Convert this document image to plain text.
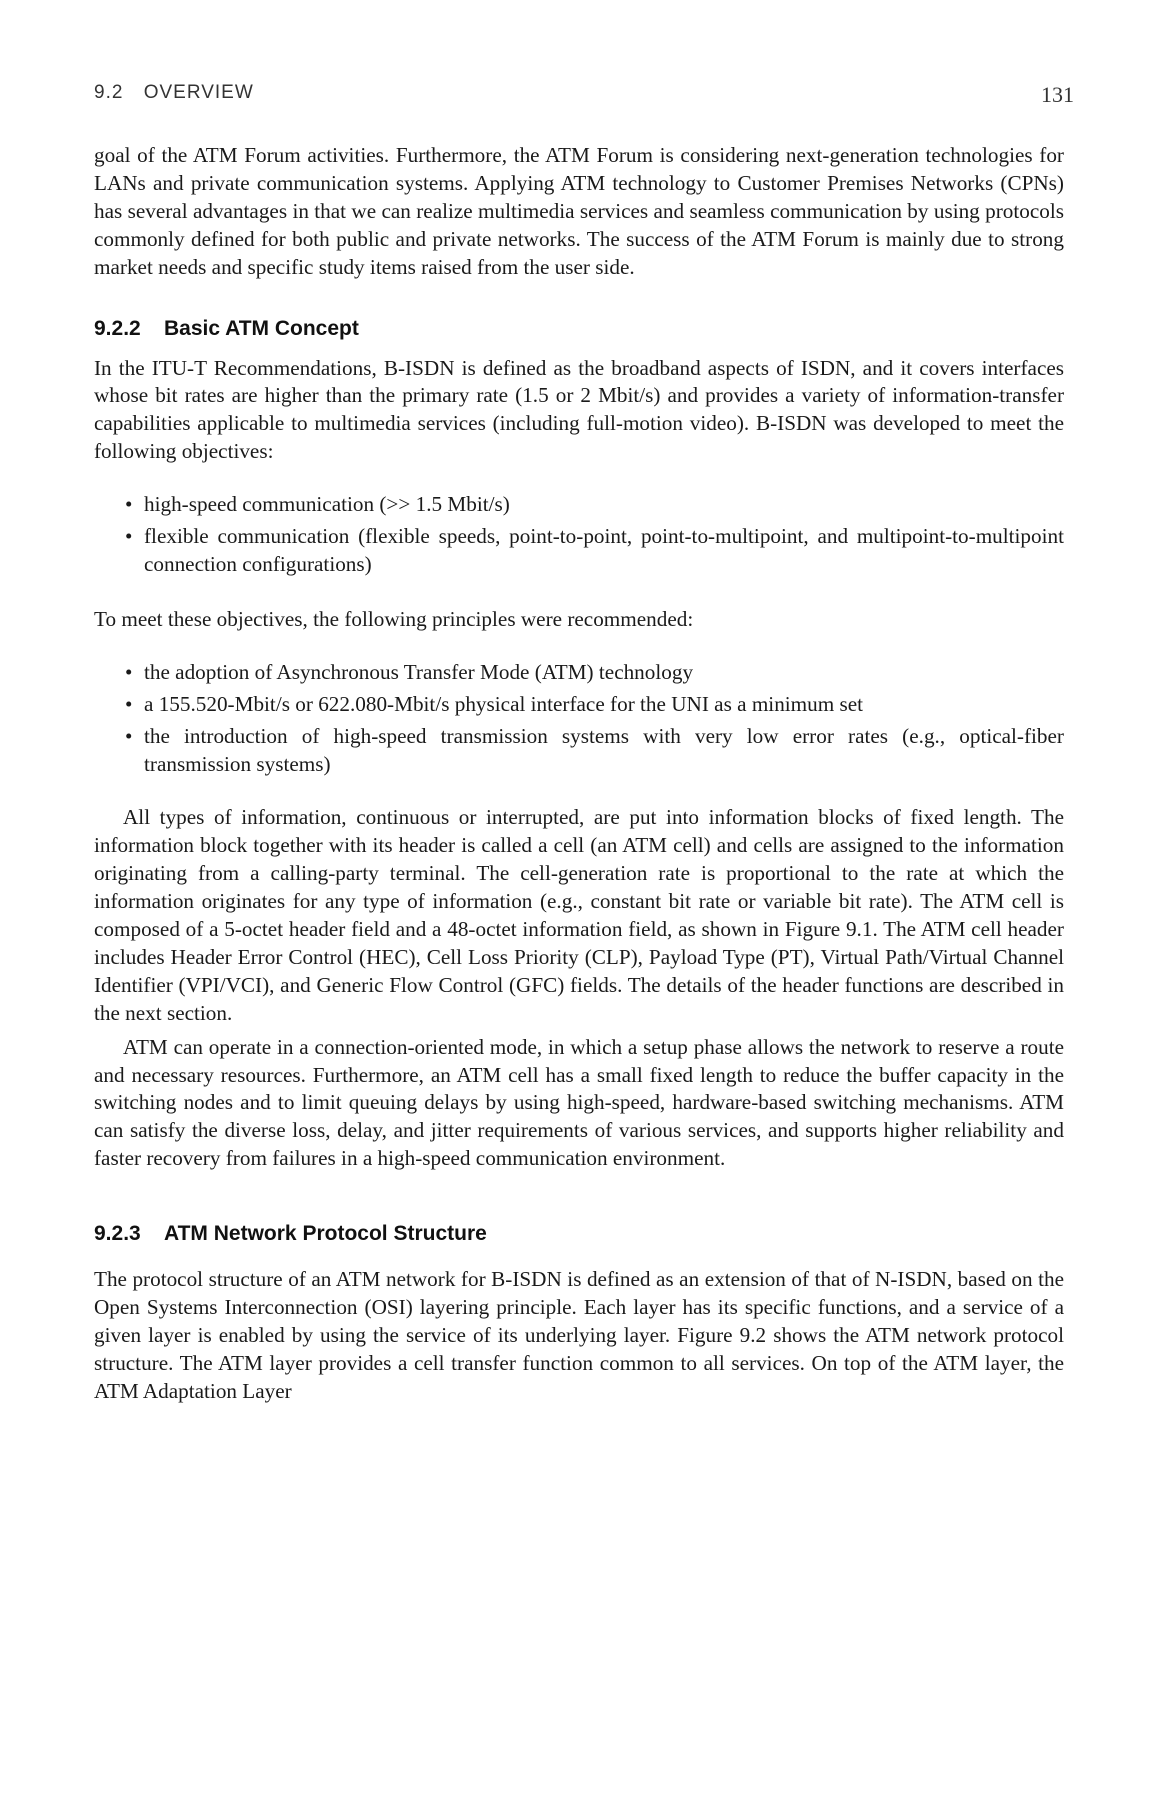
9.2 OVERVIEW	131

goal of the ATM Forum activities. Furthermore, the ATM Forum is considering next-generation technologies for LANs and private communication systems. Applying ATM technology to Customer Premises Networks (CPNs) has several advantages in that we can realize multimedia services and seamless communication by using protocols commonly defined for both public and private networks. The success of the ATM Forum is mainly due to strong market needs and specific study items raised from the user side.

9.2.2 Basic ATM Concept

In the ITU-T Recommendations, B-ISDN is defined as the broadband aspects of ISDN, and it covers interfaces whose bit rates are higher than the primary rate (1.5 or 2 Mbit/s) and provides a variety of information-transfer capabilities applicable to multimedia services (including full-motion video). B-ISDN was developed to meet the following objectives:

• high-speed communication (>> 1.5 Mbit/s)
• flexible communication (flexible speeds, point-to-point, point-to-multipoint, and multipoint-to-multipoint connection configurations)

To meet these objectives, the following principles were recommended:

• the adoption of Asynchronous Transfer Mode (ATM) technology
• a 155.520-Mbit/s or 622.080-Mbit/s physical interface for the UNI as a minimum set
• the introduction of high-speed transmission systems with very low error rates (e.g., optical-fiber transmission systems)

All types of information, continuous or interrupted, are put into information blocks of fixed length. The information block together with its header is called a cell (an ATM cell) and cells are assigned to the information originating from a calling-party terminal. The cell-generation rate is proportional to the rate at which the information originates for any type of information (e.g., constant bit rate or variable bit rate). The ATM cell is composed of a 5-octet header field and a 48-octet information field, as shown in Figure 9.1. The ATM cell header includes Header Error Control (HEC), Cell Loss Priority (CLP), Payload Type (PT), Virtual Path/Virtual Channel Identifier (VPI/VCI), and Generic Flow Control (GFC) fields. The details of the header functions are described in the next section.

ATM can operate in a connection-oriented mode, in which a setup phase allows the network to reserve a route and necessary resources. Furthermore, an ATM cell has a small fixed length to reduce the buffer capacity in the switching nodes and to limit queuing delays by using high-speed, hardware-based switching mechanisms. ATM can satisfy the diverse loss, delay, and jitter requirements of various services, and supports higher reliability and faster recovery from failures in a high-speed communication environment.

9.2.3 ATM Network Protocol Structure

The protocol structure of an ATM network for B-ISDN is defined as an extension of that of N-ISDN, based on the Open Systems Interconnection (OSI) layering principle. Each layer has its specific functions, and a service of a given layer is enabled by using the service of its underlying layer. Figure 9.2 shows the ATM network protocol structure. The ATM layer provides a cell transfer function common to all services. On top of the ATM layer, the ATM Adaptation Layer
